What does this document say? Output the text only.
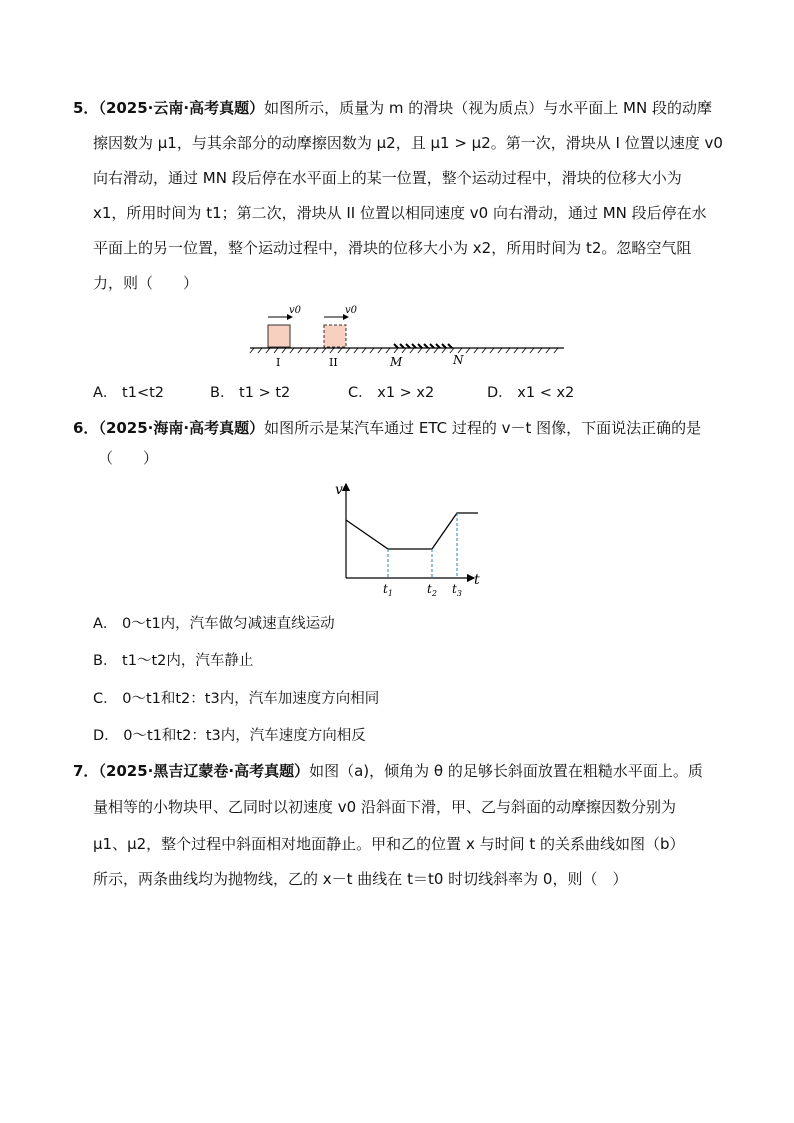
5．（2025·云南·高考真题）如图所示，质量为 m 的滑块（视为质点）与水平面上 MN 段的动摩
擦因数为 μ1，与其余部分的动摩擦因数为 μ2，且 μ1 > μ2。第一次，滑块从 I 位置以速度 v0
向右滑动，通过 MN 段后停在水平面上的某一位置，整个运动过程中，滑块的位移大小为
x1，所用时间为 t1；第二次，滑块从 II 位置以相同速度 v0 向右滑动，通过 MN 段后停在水
平面上的另一位置，整个运动过程中，滑块的位移大小为 x2，所用时间为 t2。忽略空气阻
力，则（　　）
v0
I
v0
II	M	N
A． t1<t2	B． t1 > t2	C． x1 > x2	D． x1 < x2
6．（2025·海南·高考真题）如图所示是某汽车通过 ETC 过程的 v－t 图像，下面说法正确的是
（　　）
v
t
$t_1$	$t_2$ $t_3$
A． 0～t1内，汽车做匀减速直线运动
B． t1～t2内，汽车静止
C． 0～t1和t2：t3内，汽车加速度方向相同
D． 0～t1和t2：t3内，汽车速度方向相反
7．（2025·黑吉辽蒙卷·高考真题）如图（a)，倾角为 θ 的足够长斜面放置在粗糙水平面上。质
量相等的小物块甲、乙同时以初速度 v0 沿斜面下滑，甲、乙与斜面的动摩擦因数分别为
μ1、μ2，整个过程中斜面相对地面静止。甲和乙的位置 x 与时间 t 的关系曲线如图（b）
所示，两条曲线均为抛物线，乙的 x－t 曲线在 t＝t0 时切线斜率为 0，则（　）
